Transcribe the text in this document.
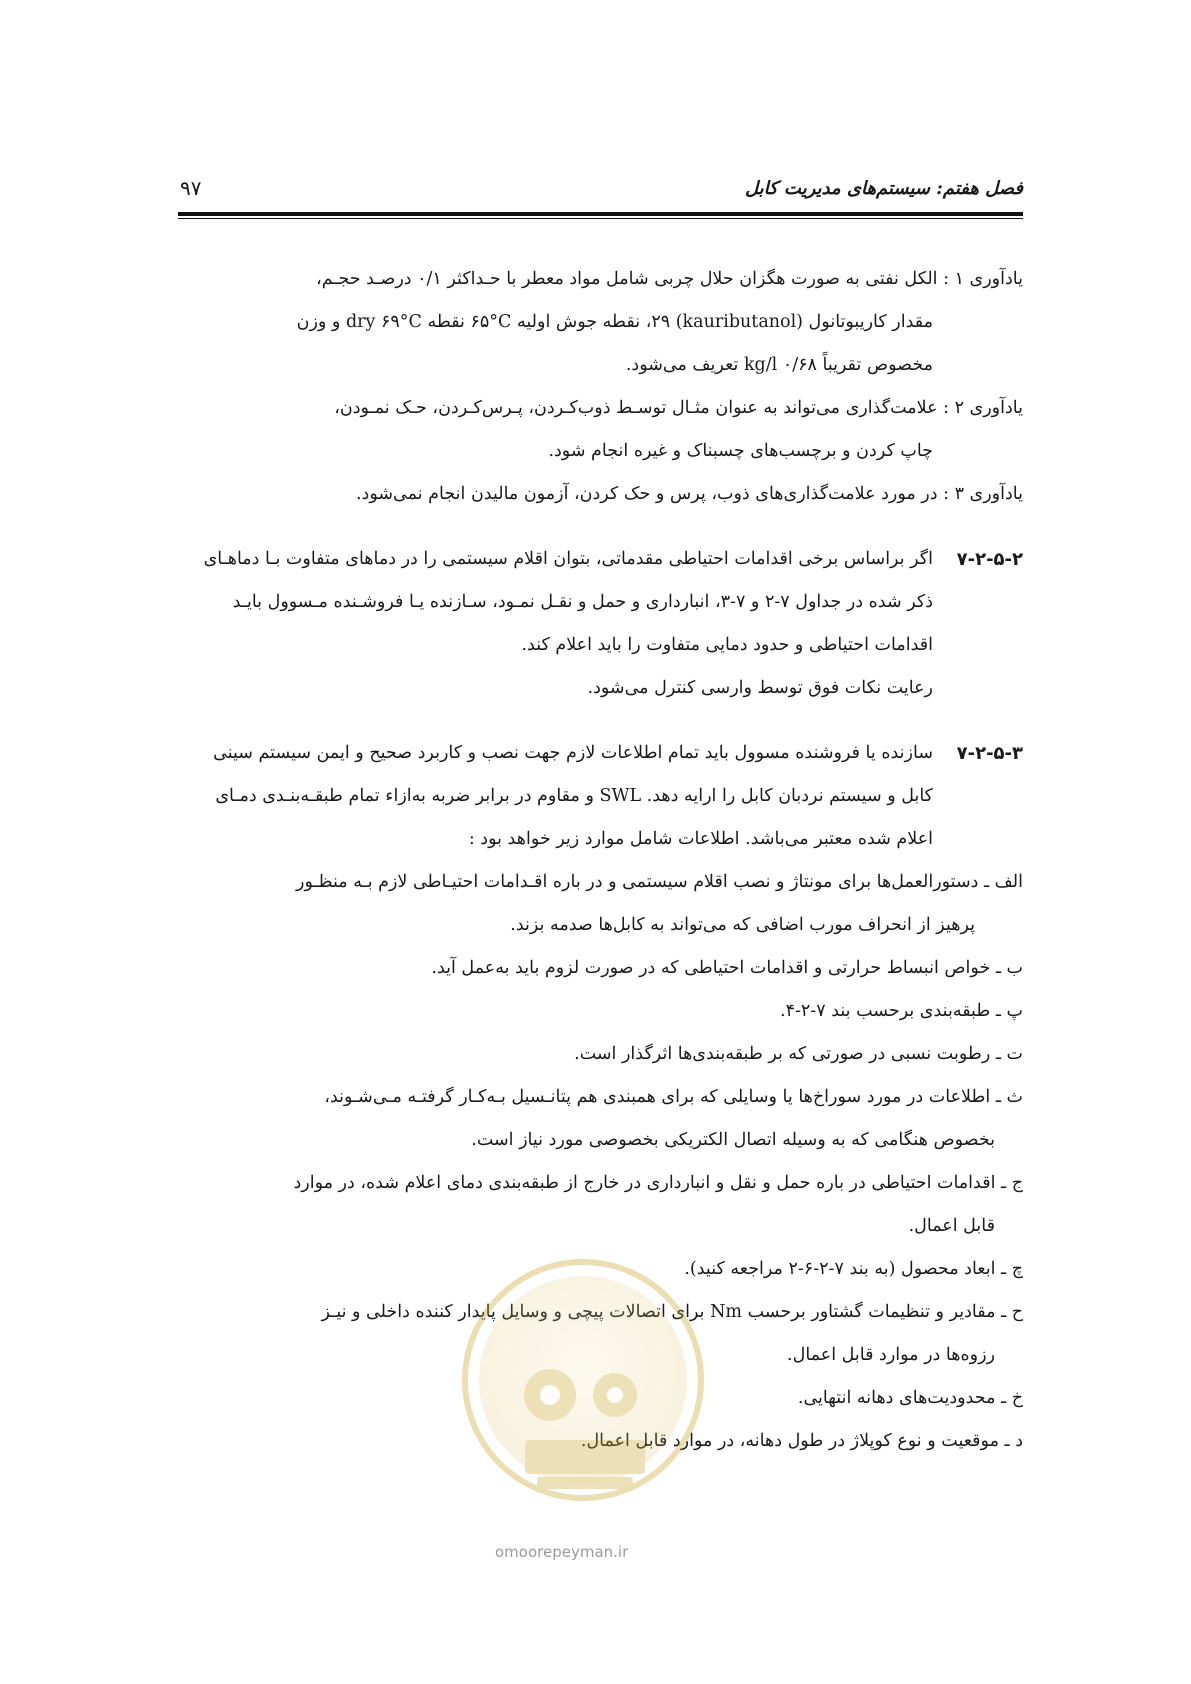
فصل هفتم: سیستم‌های مدیریت کابل
۹۷

یادآوری ۱ : الکل نفتی به صورت هگزان حلال چربی شامل مواد معطر با حـداکثر ۰/۱ درصـد حجـم،

مقدار کاریبوتانول (kauributanol) ۲۹، نقطه جوش اولیه ‎۶۵°C‏ نقطه dry ‎۶۹°C‏ و وزن

مخصوص تقریباً ۰/۶۸ kg/l تعریف می‌شود.

یادآوری ۲ : علامت‌گذاری می‌تواند به عنوان مثـال توسـط ذوب‌کـردن، پـرس‌کـردن، حـک نمـودن،

چاپ کردن و برچسب‌های چسبناک و غیره انجام شود.

یادآوری ۳ : در مورد علامت‌گذاری‌های ذوب، پرس و حک کردن، آزمون مالیدن انجام نمی‌شود.

۷-۲-۵-۲

اگر براساس برخی اقدامات احتیاطی مقدماتی، بتوان اقلام سیستمی را در دماهای متفاوت بـا دماهـای

ذکر شده در جداول ۷-۲ و ۷-۳، انبارداری و حمل و نقـل نمـود، سـازنده یـا فروشـنده مـسوول بایـد

اقدامات احتیاطی و حدود دمایی متفاوت را باید اعلام کند.

رعایت نکات فوق توسط وارسی کنترل می‌شود.

۷-۲-۵-۳

سازنده یا فروشنده مسوول باید تمام اطلاعات لازم جهت نصب و کاربرد صحیح و ایمن سیستم سینی

کابل و سیستم نردبان کابل را ارایه دهد. SWL و مقاوم در برابر ضربه به‌ازاء تمام طبقـه‌بنـدی دمـای

اعلام شده معتبر می‌باشد. اطلاعات شامل موارد زیر خواهد بود :

الف ـ دستورالعمل‌ها برای مونتاژ و نصب اقلام سیستمی و در باره اقـدامات احتیـاطی لازم بـه منظـور

پرهیز از انحراف مورب اضافی که می‌تواند به کابل‌ها صدمه بزند.

ب ـ خواص انبساط حرارتی و اقدامات احتیاطی که در صورت لزوم باید به‌عمل آید.

پ ـ طبقه‌بندی برحسب بند ۷-۲-۴.

ت ـ رطوبت نسبی در صورتی که بر طبقه‌بندی‌ها اثرگذار است.

ث ـ اطلاعات در مورد سوراخ‌ها یا وسایلی که برای همبندی هم پتانـسیل بـه‌کـار گرفتـه مـی‌شـوند،

بخصوص هنگامی که به وسیله اتصال الکتریکی بخصوصی مورد نیاز است.

ج ـ اقدامات احتیاطی در باره حمل و نقل و انبارداری در خارج از طبقه‌بندی دمای اعلام شده، در موارد

قابل اعمال.

چ ـ ابعاد محصول (به بند ۷-۲-۶-۲ مراجعه کنید).

ح ـ مقادیر و تنظیمات گشتاور برحسب Nm برای اتصالات پیچی و وسایل پایدار کننده داخلی و نیـز

رزوه‌ها در موارد قابل اعمال.

خ ـ محدودیت‌های دهانه انتهایی.

د ـ موقعیت و نوع کوپلاژ در طول دهانه، در موارد قابل اعمال.

omoorepeyman.ir
